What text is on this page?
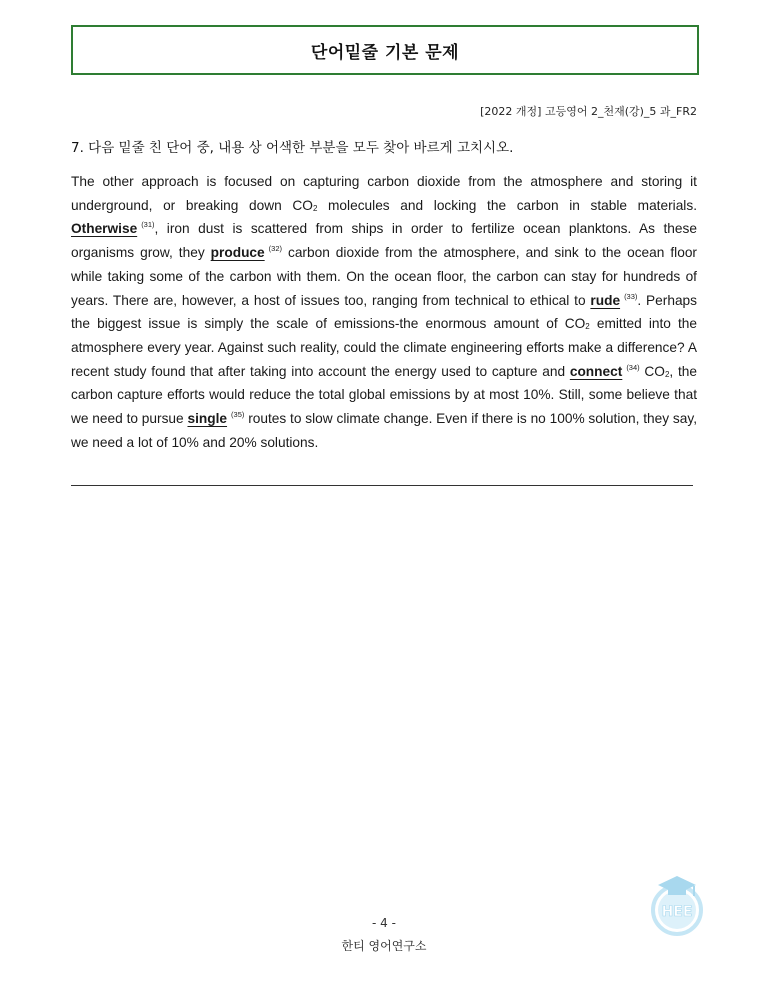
단어밑줄 기본 문제
[2022 개정] 고등영어 2_천재(강)_5 과_FR2
7. 다음 밑줄 친 단어 중, 내용 상 어색한 부분을 모두 찾아 바르게 고치시오.

The other approach is focused on capturing carbon dioxide from the atmosphere and storing it underground, or breaking down $CO_2$ molecules and locking the carbon in stable materials. Otherwise $^{(31)}$, iron dust is scattered from ships in order to fertilize ocean planktons. As these organisms grow, they produce $^{(32)}$ carbon dioxide from the atmosphere, and sink to the ocean floor while taking some of the carbon with them. On the ocean floor, the carbon can stay for hundreds of years. There are, however, a host of issues too, ranging from technical to ethical to rude $^{(33)}$. Perhaps the biggest issue is simply the scale of emissions-the enormous amount of $CO_2$ emitted into the atmosphere every year. Against such reality, could the climate engineering efforts make a difference? A recent study found that after taking into account the energy used to capture and connect $^{(34)}$ $CO_2$, the carbon capture efforts would reduce the total global emissions by at most 10%. Still, some believe that we need to pursue single $^{(35)}$ routes to slow climate change. Even if there is no 100% solution, they say, we need a lot of 10% and 20% solutions.

- 4 -
한티 영어연구소
HEE
